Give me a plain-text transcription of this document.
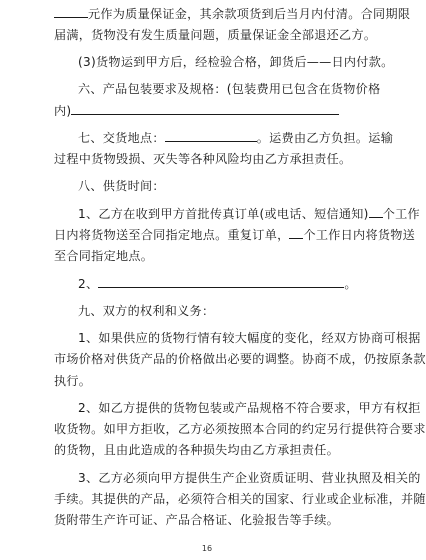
元作为质量保证金，其余款项货到后当月内付清。合同期限
届满，货物没有发生质量问题，质量保证金全部退还乙方。
(3)货物运到甲方后，经检验合格，卸货后——日内付款。
六、产品包装要求及规格：(包装费用已包含在货物价格
内)
七、交货地点：	。运费由乙方负担。运输
过程中货物毁损、灭失等各种风险均由乙方承担责任。
八、供货时间：
1、乙方在收到甲方首批传真订单(或电话、短信通知) 个工作
日内将货物送至合同指定地点。重复订单， 个工作日内将货物送
至合同指定地点。
2、	。
九、双方的权利和义务：
1、如果供应的货物行情有较大幅度的变化，经双方协商可根据
市场价格对供货产品的价格做出必要的调整。协商不成，仍按原条款
执行。
2、如乙方提供的货物包装或产品规格不符合要求，甲方有权拒
收货物。如甲方拒收，乙方必须按照本合同的约定另行提供符合要求
的货物，且由此造成的各种损失均由乙方承担责任。
3、乙方必须向甲方提供生产企业资质证明、营业执照及相关的
手续。其提供的产品，必须符合相关的国家、行业或企业标准，并随
货附带生产许可证、产品合格证、化验报告等手续。
16
